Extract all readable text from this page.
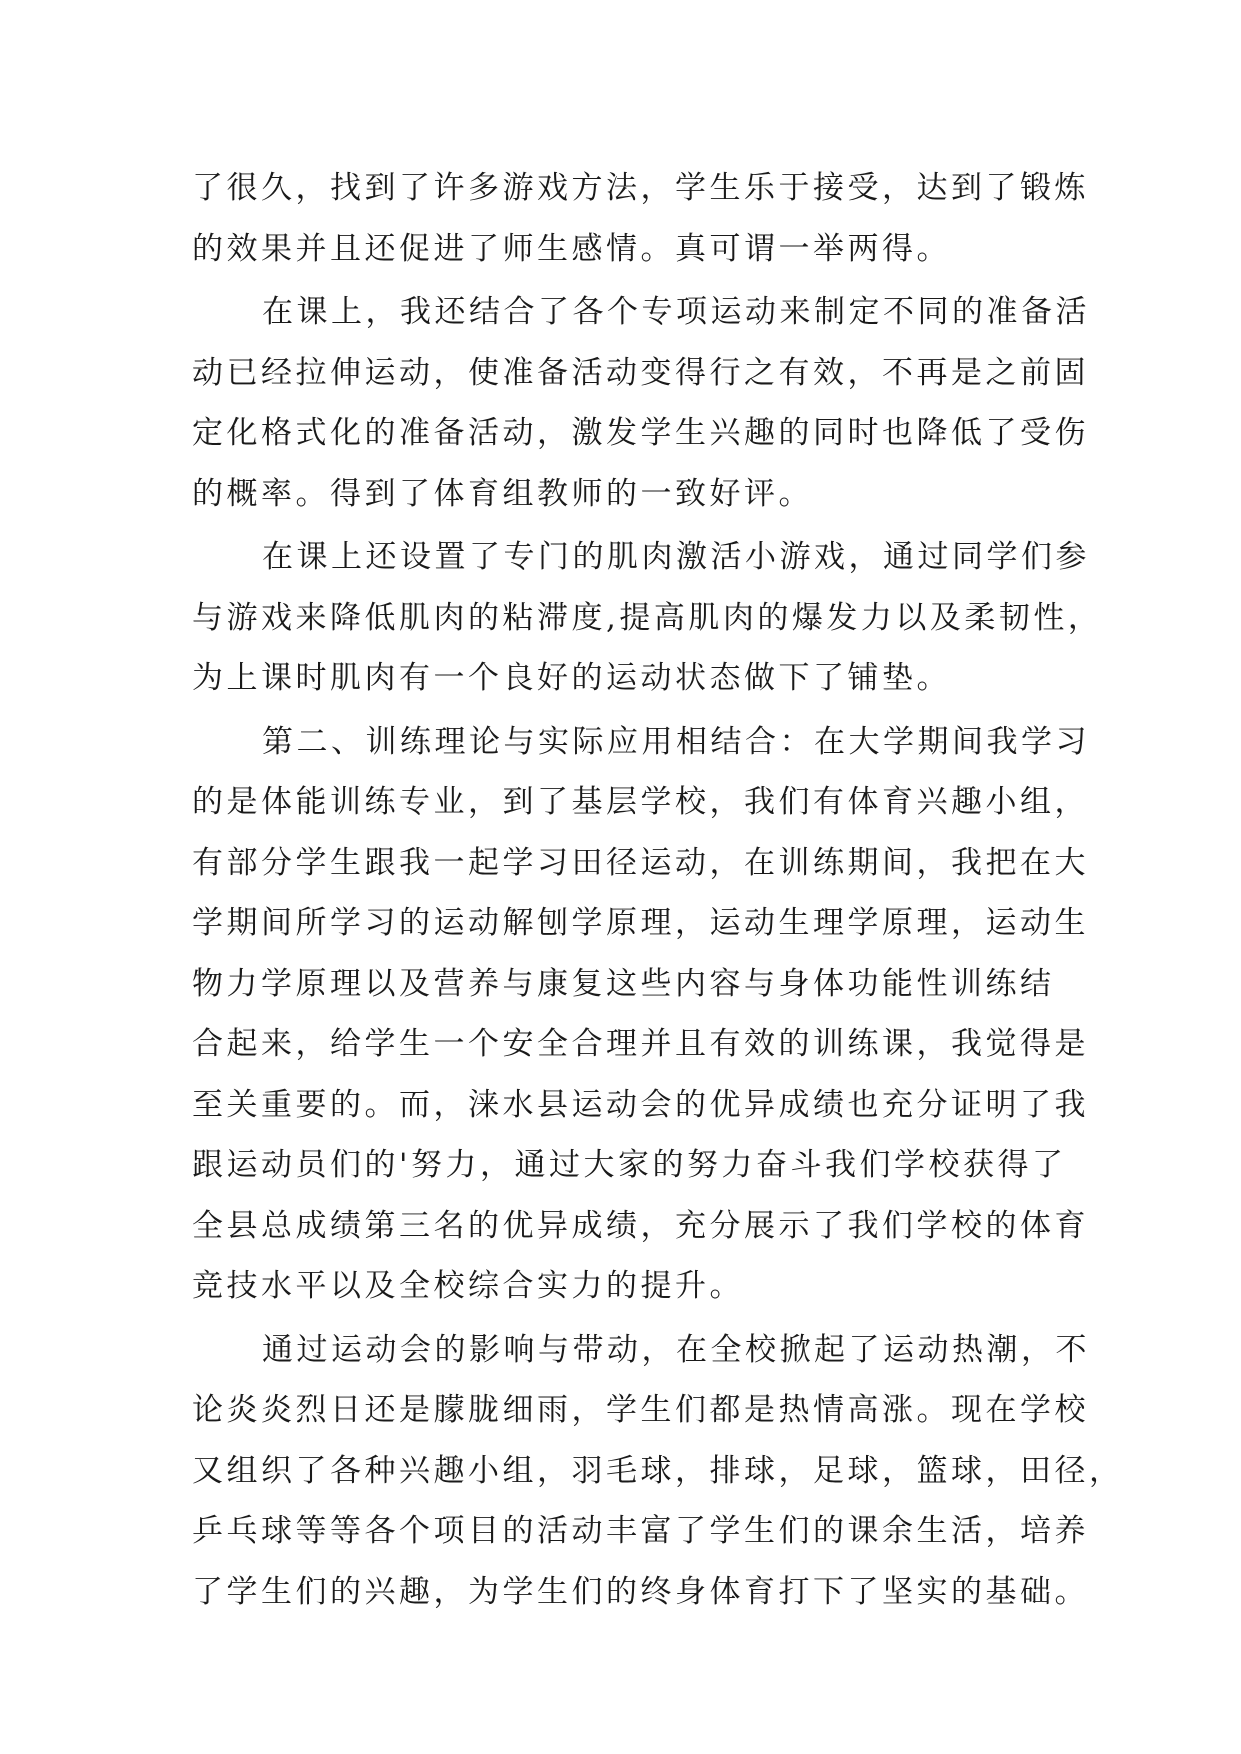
了很久，找到了许多游戏方法，学生乐于接受，达到了锻炼
的效果并且还促进了师生感情。真可谓一举两得。
在课上，我还结合了各个专项运动来制定不同的准备活
动已经拉伸运动，使准备活动变得行之有效，不再是之前固
定化格式化的准备活动，激发学生兴趣的同时也降低了受伤
的概率。得到了体育组教师的一致好评。
在课上还设置了专门的肌肉激活小游戏，通过同学们参
与游戏来降低肌肉的粘滞度,提高肌肉的爆发力以及柔韧性，
为上课时肌肉有一个良好的运动状态做下了铺垫。
第二、训练理论与实际应用相结合：在大学期间我学习
的是体能训练专业，到了基层学校，我们有体育兴趣小组，
有部分学生跟我一起学习田径运动，在训练期间，我把在大
学期间所学习的运动解刨学原理，运动生理学原理，运动生
物力学原理以及营养与康复这些内容与身体功能性训练结
合起来，给学生一个安全合理并且有效的训练课，我觉得是
至关重要的。而，涞水县运动会的优异成绩也充分证明了我
跟运动员们的'努力，通过大家的努力奋斗我们学校获得了
全县总成绩第三名的优异成绩，充分展示了我们学校的体育
竞技水平以及全校综合实力的提升。
通过运动会的影响与带动，在全校掀起了运动热潮，不
论炎炎烈日还是朦胧细雨，学生们都是热情高涨。现在学校
又组织了各种兴趣小组，羽毛球，排球，足球，篮球，田径，
乒乓球等等各个项目的活动丰富了学生们的课余生活，培养
了学生们的兴趣，为学生们的终身体育打下了坚实的基础。
